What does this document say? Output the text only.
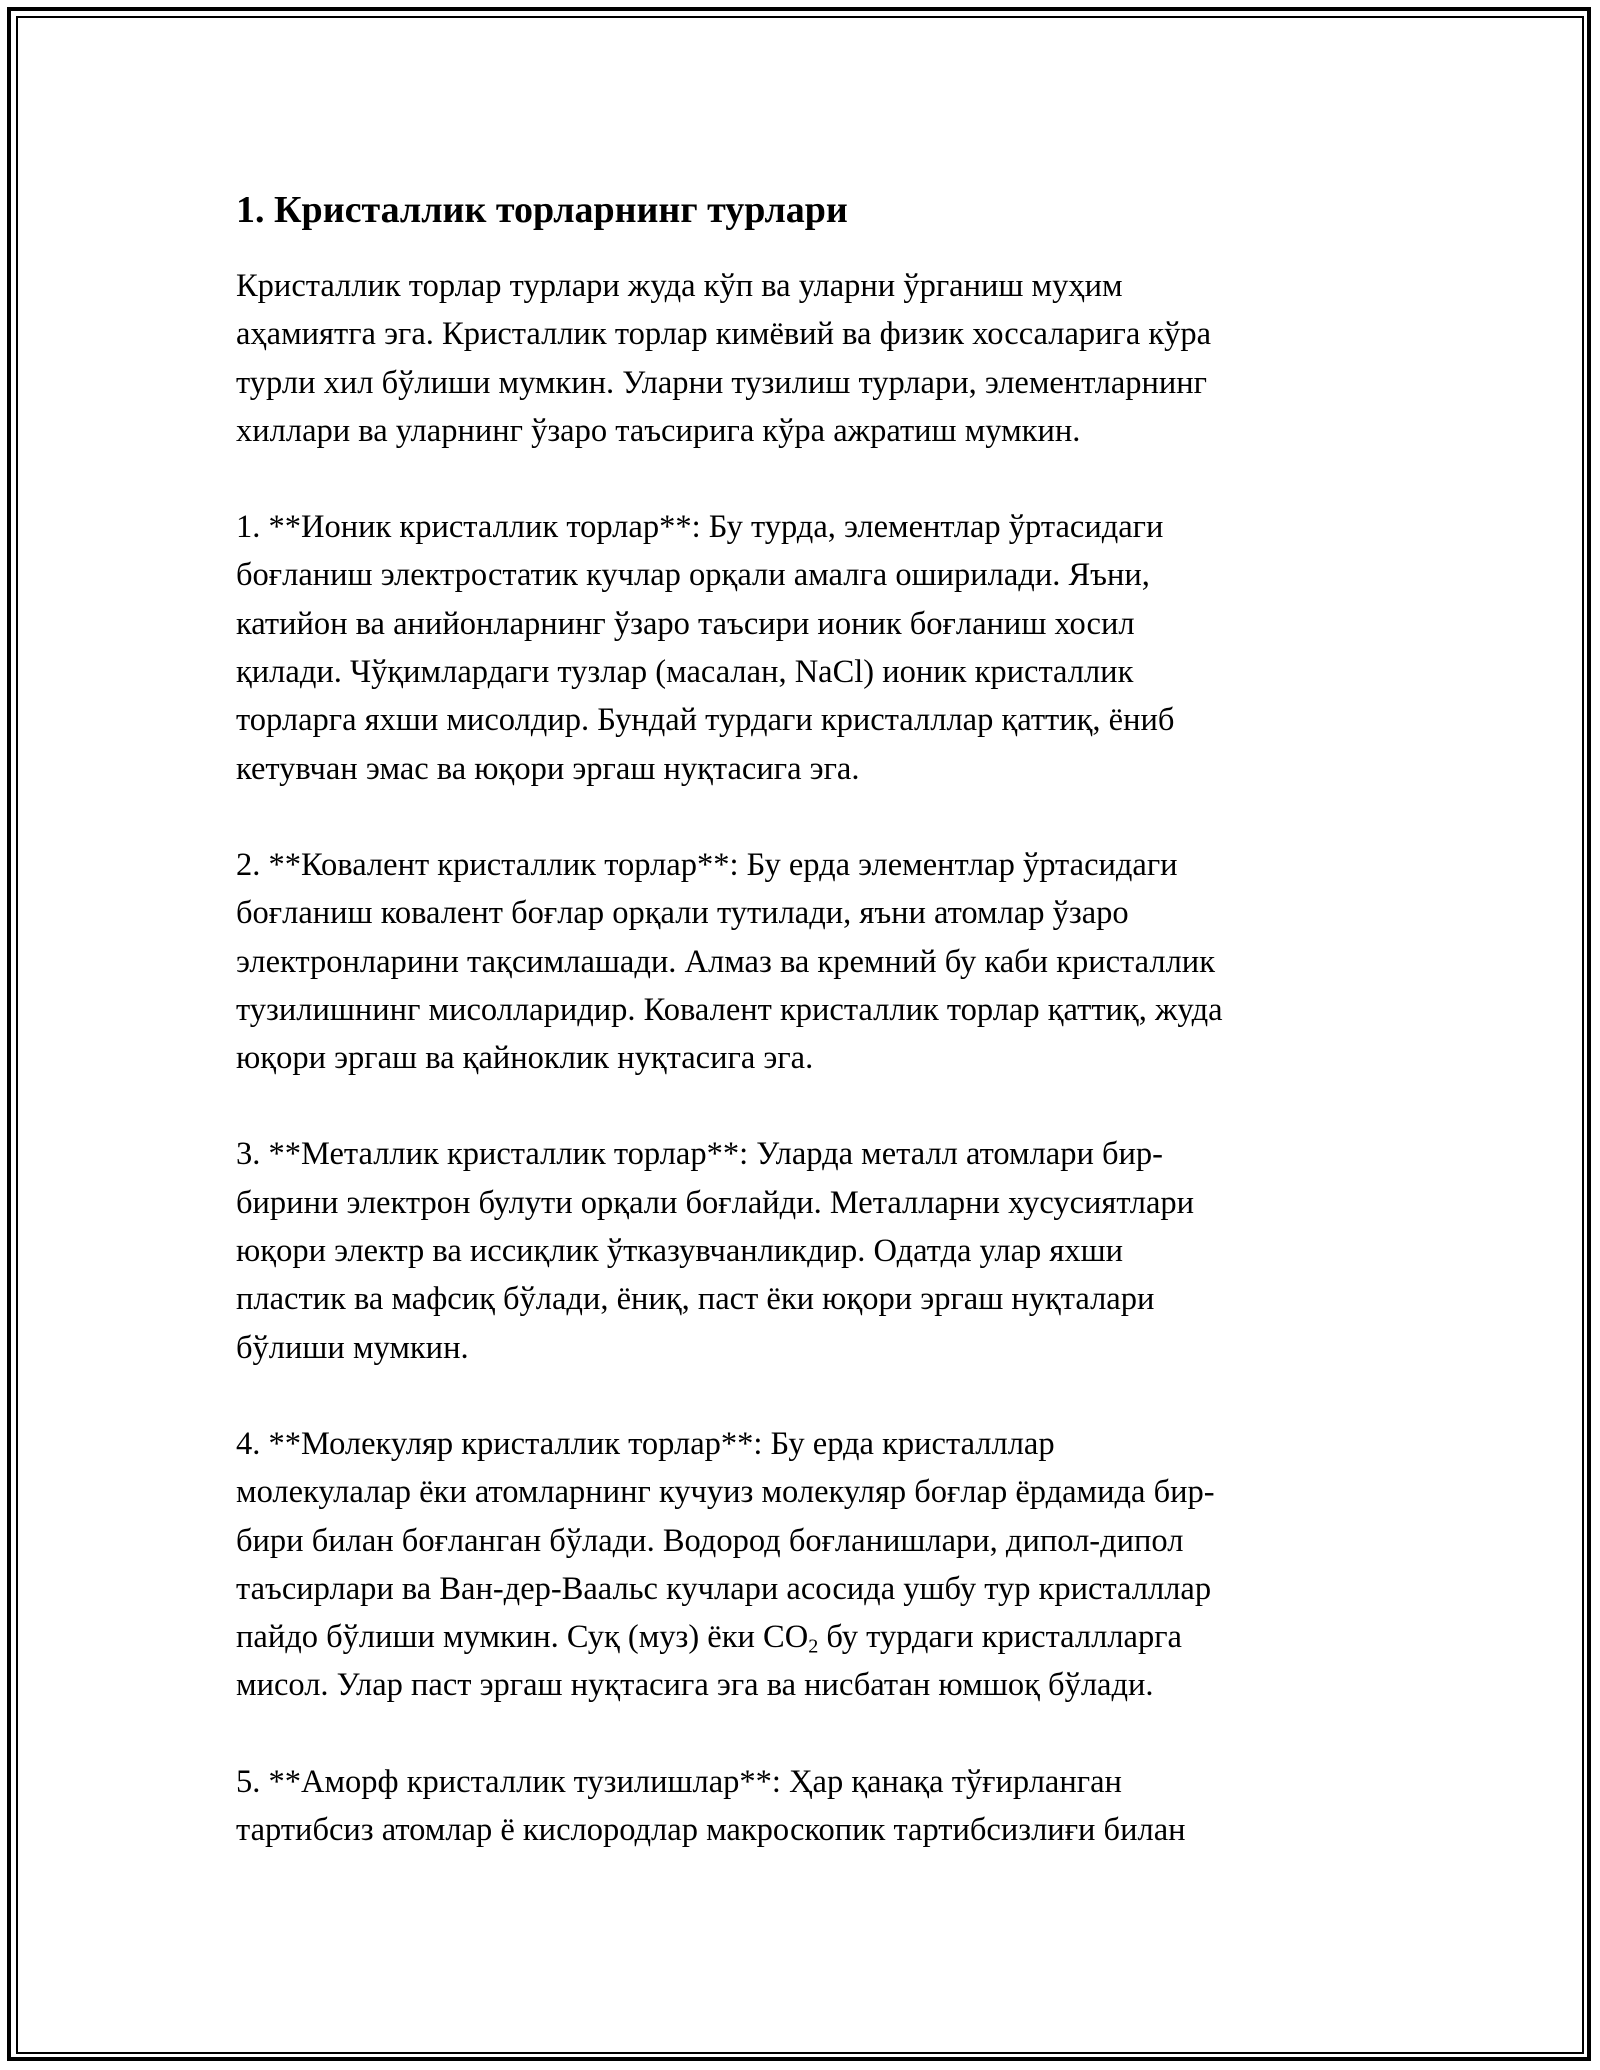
1. Кристаллик торларнинг турлари

Кристаллик торлар турлари жуда кўп ва уларни ўрганиш муҳим
аҳамиятга эга. Кристаллик торлар кимёвий ва физик хоссаларига кўра
турли хил бўлиши мумкин. Уларни тузилиш турлари, элементларнинг
хиллари ва уларнинг ўзаро таъсирига кўра ажратиш мумкин.

1. **Ионик кристаллик торлар**: Бу турда, элементлар ўртасидаги
боғланиш электростатик кучлар орқали амалга оширилади. Яъни,
катийон ва анийонларнинг ўзаро таъсири ионик боғланиш хосил
қилади. Чўқимлардаги тузлар (масалан, NaCl) ионик кристаллик
торларга яхши мисолдир. Бундай турдаги кристалллар қаттиқ, ёниб
кетувчан эмас ва юқори эргаш нуқтасига эга.

2. **Ковалент кристаллик торлар**: Бу ерда элементлар ўртасидаги
боғланиш ковалент боғлар орқали тутилади, яъни атомлар ўзаро
электронларини тақсимлашади. Алмаз ва кремний бу каби кристаллик
тузилишнинг мисолларидир. Ковалент кристаллик торлар қаттиқ, жуда
юқори эргаш ва қайноклик нуқтасига эга.

3. **Металлик кристаллик торлар**: Уларда металл атомлари бир-
бирини электрон булути орқали боғлайди. Металларни хусусиятлари
юқори электр ва иссиқлик ўтказувчанликдир. Одатда улар яхши
пластик ва мафсиқ бўлади, ёниқ, паст ёки юқори эргаш нуқталари
бўлиши мумкин.

4. **Молекуляр кристаллик торлар**: Бу ерда кристалллар
молекулалар ёки атомларнинг кучуиз молекуляр боғлар ёрдамида бир-
бири билан боғланган бўлади. Водород боғланишлари, дипол-дипол
таъсирлари ва Ван-дер-Ваальс кучлари асосида ушбу тур кристалллар
пайдо бўлиши мумкин. Суқ (муз) ёки $CO_2$ бу турдаги кристаллларга
мисол. Улар паст эргаш нуқтасига эга ва нисбатан юмшоқ бўлади.

5. **Аморф кристаллик тузилишлар**: Ҳар қанақа тўғирланган
тартибсиз атомлар ё кислородлар макроскопик тартибсизлиғи билан
